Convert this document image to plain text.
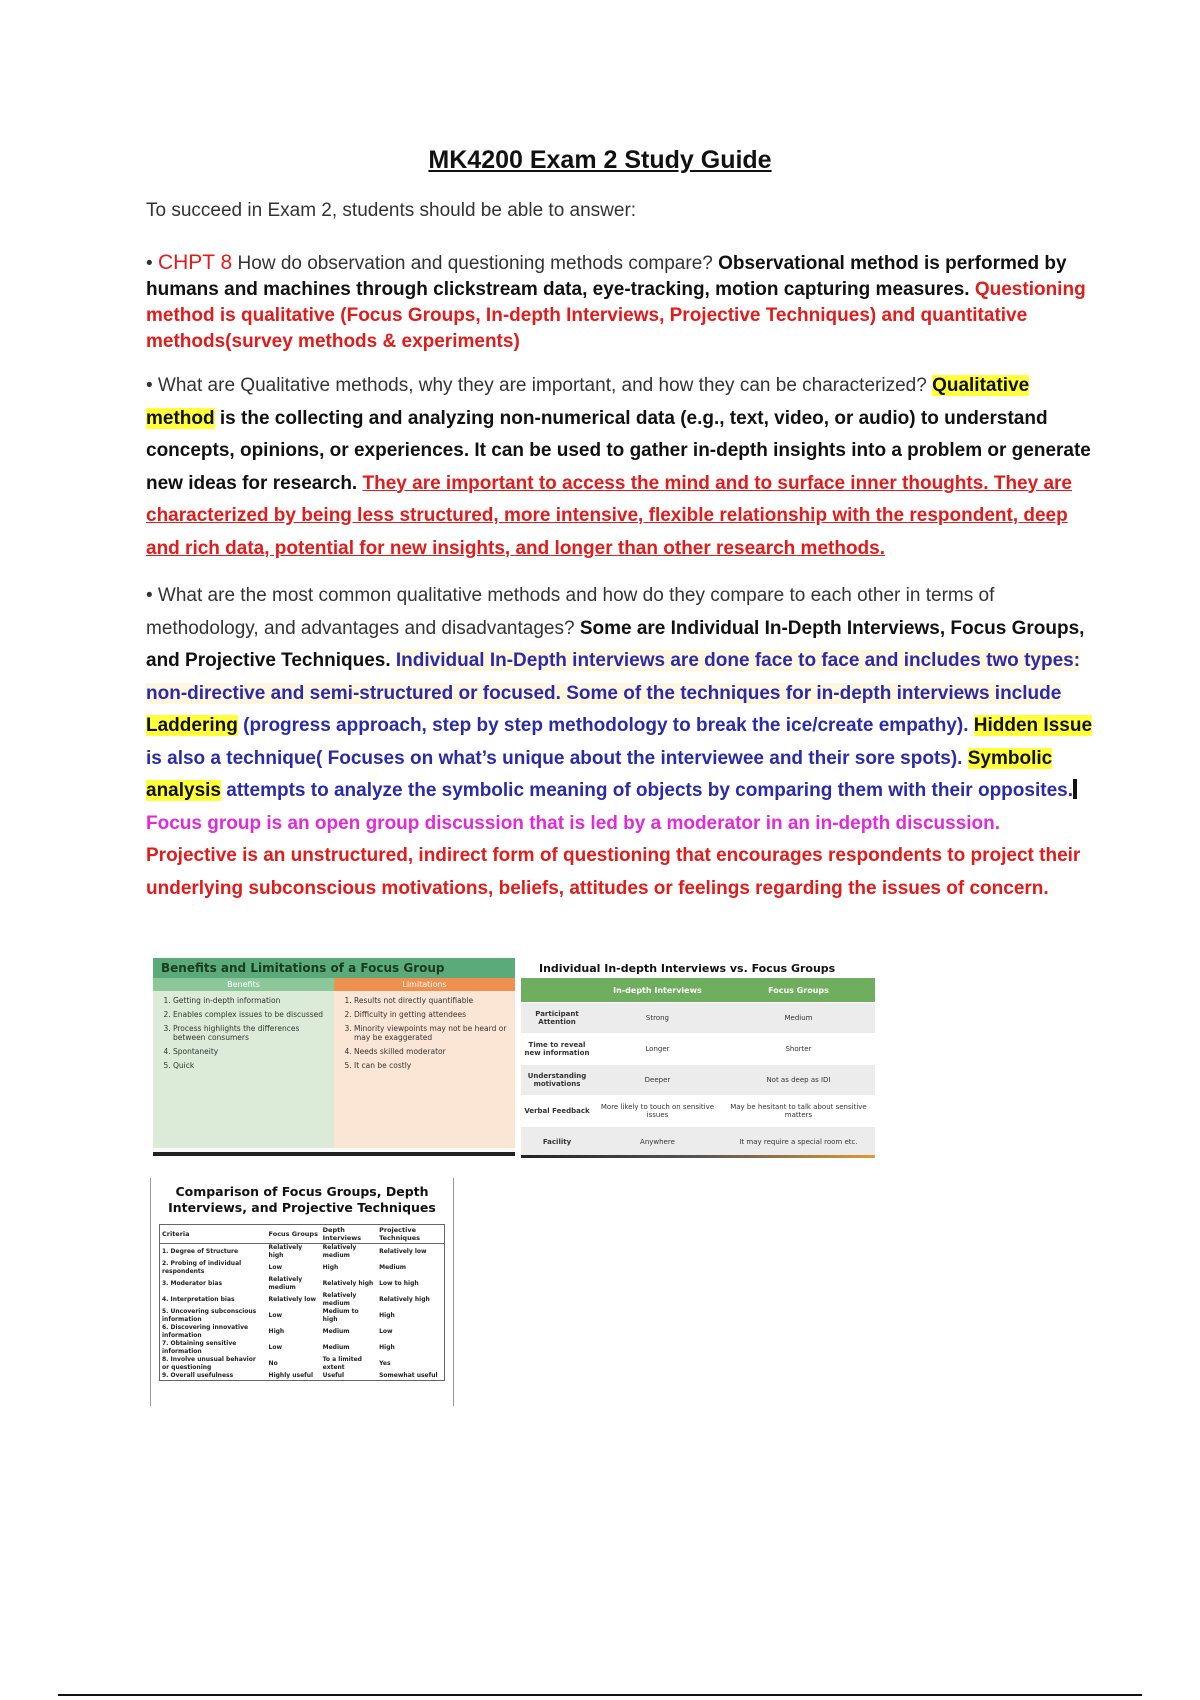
MK4200 Exam 2 Study Guide
To succeed in Exam 2, students should be able to answer:
• CHPT 8 How do observation and questioning methods compare? Observational method is performed by humans and machines through clickstream data, eye-tracking, motion capturing measures. Questioning method is qualitative (Focus Groups, In-depth Interviews, Projective Techniques) and quantitative methods(survey methods & experiments)
• What are Qualitative methods, why they are important, and how they can be characterized? Qualitative method is the collecting and analyzing non-numerical data (e.g., text, video, or audio) to understand concepts, opinions, or experiences. It can be used to gather in-depth insights into a problem or generate new ideas for research. They are important to access the mind and to surface inner thoughts. They are characterized by being less structured, more intensive, flexible relationship with the respondent, deep and rich data, potential for new insights, and longer than other research methods.
• What are the most common qualitative methods and how do they compare to each other in terms of methodology, and advantages and disadvantages? Some are Individual In-Depth Interviews, Focus Groups, and Projective Techniques. Individual In-Depth interviews are done face to face and includes two types: non-directive and semi-structured or focused. Some of the techniques for in-depth interviews include Laddering (progress approach, step by step methodology to break the ice/create empathy). Hidden Issue is also a technique( Focuses on what’s unique about the interviewee and their sore spots). Symbolic analysis attempts to analyze the symbolic meaning of objects by comparing them with their opposites.Focus group is an open group discussion that is led by a moderator in an in-depth discussion. Projective is an unstructured, indirect form of questioning that encourages respondents to project their underlying subconscious motivations, beliefs, attitudes or feelings regarding the issues of concern.
Benefits and Limitations of a Focus Group
Benefits
1. Getting in-depth information
2. Enables complex issues to be discussed
3. Process highlights the differences between consumers
4. Spontaneity
5. Quick
Limitations
1. Results not directly quantifiable
2. Difficulty in getting attendees
3. Minority viewpoints may not be heard or may be exaggerated
4. Needs skilled moderator
5. It can be costly
Individual In-depth Interviews vs. Focus Groups
	In-depth Interviews	Focus Groups
Participant Attention	Strong	Medium
Time to reveal new information	Longer	Shorter
Understanding motivations	Deeper	Not as deep as IDI
Verbal Feedback	More likely to touch on sensitive issues	May be hesitant to talk about sensitive matters
Facility	Anywhere	It may require a special room etc.
Comparison of Focus Groups, Depth Interviews, and Projective Techniques
Criteria	Focus Groups	Depth Interviews	Projective Techniques
1. Degree of Structure	Relatively high	Relatively medium	Relatively low
2. Probing of individual respondents	Low	High	Medium
3. Moderator bias	Relatively medium	Relatively high	Low to high
4. Interpretation bias	Relatively low	Relatively medium	Relatively high
5. Uncovering subconscious information	Low	Medium to high	High
6. Discovering innovative information	High	Medium	Low
7. Obtaining sensitive information	Low	Medium	High
8. Involve unusual behavior or questioning	No	To a limited extent	Yes
9. Overall usefulness	Highly useful	Useful	Somewhat useful
